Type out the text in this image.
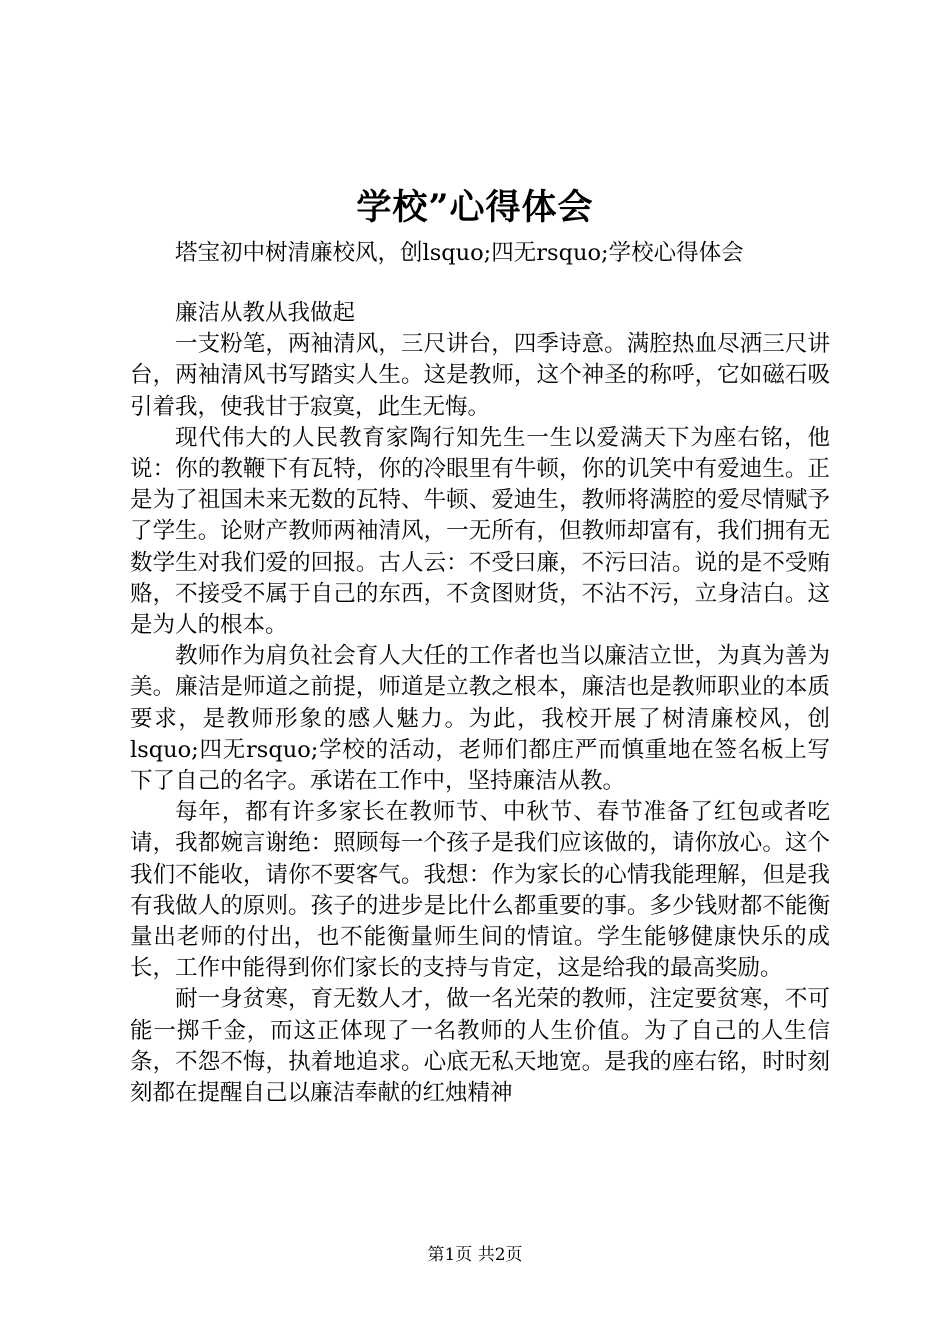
学校”心得体会
塔宝初中树清廉校风，创lsquo;四无rsquo;学校心得体会

廉洁从教从我做起

一支粉笔，两袖清风，三尺讲台，四季诗意。满腔热血尽洒三尺讲台，两袖清风书写踏实人生。这是教师，这个神圣的称呼，它如磁石吸引着我，使我甘于寂寞，此生无悔。

现代伟大的人民教育家陶行知先生一生以爱满天下为座右铭，他说：你的教鞭下有瓦特，你的冷眼里有牛顿，你的讥笑中有爱迪生。正是为了祖国未来无数的瓦特、牛顿、爱迪生，教师将满腔的爱尽情赋予了学生。论财产教师两袖清风，一无所有，但教师却富有，我们拥有无数学生对我们爱的回报。古人云：不受曰廉，不污曰洁。说的是不受贿赂，不接受不属于自己的东西，不贪图财货，不沾不污，立身洁白。这是为人的根本。

教师作为肩负社会育人大任的工作者也当以廉洁立世，为真为善为美。廉洁是师道之前提，师道是立教之根本，廉洁也是教师职业的本质要求，是教师形象的感人魅力。为此，我校开展了树清廉校风，创lsquo;四无rsquo;学校的活动，老师们都庄严而慎重地在签名板上写下了自己的名字。承诺在工作中，坚持廉洁从教。

每年，都有许多家长在教师节、中秋节、春节准备了红包或者吃请，我都婉言谢绝：照顾每一个孩子是我们应该做的，请你放心。这个我们不能收，请你不要客气。我想：作为家长的心情我能理解，但是我有我做人的原则。孩子的进步是比什么都重要的事。多少钱财都不能衡量出老师的付出，也不能衡量师生间的情谊。学生能够健康快乐的成长，工作中能得到你们家长的支持与肯定，这是给我的最高奖励。

耐一身贫寒，育无数人才，做一名光荣的教师，注定要贫寒，不可能一掷千金，而这正体现了一名教师的人生价值。为了自己的人生信条，不怨不悔，执着地追求。心底无私天地宽。是我的座右铭，时时刻刻都在提醒自己以廉洁奉献的红烛精神

第1页 共2页
